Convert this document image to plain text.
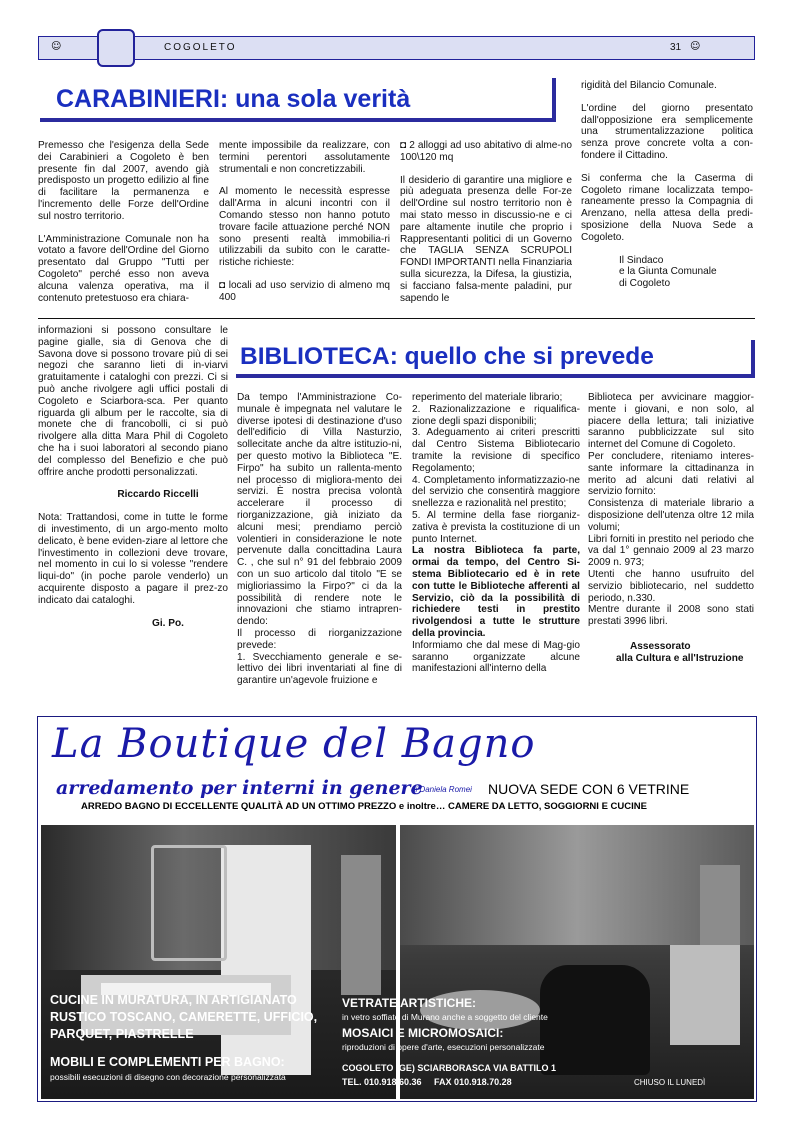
☺	COGOLETO	31 ☺
CARABINIERI: una sola verità

Premesso che l'esigenza della Sede dei Carabinieri a Cogoleto è ben presente fin dal 2007, avendo già predisposto un progetto edilizio al fine di facilitare la permanenza e l'incremento delle Forze dell'Ordine sul nostro territorio.

L'Amministrazione Comunale non ha votato a favore dell'Ordine del Giorno presentato dal Gruppo "Tutti per Cogoleto" perché esso non aveva alcuna valenza operativa, ma il contenuto pretestuoso era chiara-

mente impossibile da realizzare, con termini perentori assolutamente strumentali e non concretizzabili.

Al momento le necessità espresse dall'Arma in alcuni incontri con il Comando stesso non hanno potuto trovare facile attuazione perché NON sono presenti realtà immobilia-ri utilizzabili da subito con le caratte-ristiche richieste:

◘ locali ad uso servizio di almeno mq 400

◘ 2 alloggi ad uso abitativo di alme-no 100\120 mq

Il desiderio di garantire una migliore e più adeguata presenza delle For-ze dell'Ordine sul nostro territorio non è mai stato messo in discussio-ne e ci pare altamente inutile che proprio i Rappresentanti politici di un Governo che TAGLIA SENZA SCRUPOLI FONDI IMPORTANTI nella Finanziaria sulla sicurezza, la Difesa, la giustizia, si facciano falsa-mente paladini, pur sapendo le

rigidità del Bilancio Comunale.

L'ordine del giorno presentato dall'opposizione era semplicemente una strumentalizzazione politica senza prove concrete volta a con-fondere il Cittadino.

Si conferma che la Caserma di Cogoleto rimane localizzata tempo-raneamente presso la Compagnia di Arenzano, nella attesa della predi-sposizione della Nuova Sede a Cogoleto.

Il Sindaco
e la Giunta Comunale
di Cogoleto

informazioni si possono consultare le pagine gialle, sia di Genova che di Savona dove si possono trovare più di sei negozi che saranno lieti di in-viarvi gratuitamente i cataloghi con prezzi. Ci si può anche rivolgere agli uffici postali di Cogoleto e Sciarbora-sca. Per quanto riguarda gli album per le raccolte, sia di monete che di francobolli, ci si può rivolgere alla ditta Mara Phil di Cogoleto che ha i suoi laboratori al secondo piano del complesso del Benefizio e che può offrire anche prodotti personalizzati.

Riccardo Riccelli

Nota: Trattandosi, come in tutte le forme di investimento, di un argo-mento molto delicato, è bene eviden-ziare al lettore che l'investimento in collezioni deve trovare, nel momento in cui lo si volesse "rendere liqui-do" (in poche parole venderlo) un acquirente disposto a pagare il prez-zo indicato dai cataloghi.

Gi. Po.

BIBLIOTECA: quello che si prevede

Da tempo l'Amministrazione Co-munale è impegnata nel valutare le diverse ipotesi di destinazione d'uso dell'edificio di Villa Nasturzio, sollecitate anche da altre istituzio-ni, per questo motivo la Biblioteca "E. Firpo" ha subito un rallenta-mento nel processo di migliora-mento dei servizi. È nostra precisa volontà accelerare il processo di riorganizzazione, già iniziato da alcuni mesi; prendiamo perciò volentieri in considerazione le note pervenute dalla concittadina Laura C. , che sul n° 91 del febbraio 2009 con un suo articolo dal titolo "E se miglioriassimo la Firpo?" ci da la possibilità di rendere note le innovazioni che stiamo intrapren-dendo:

Il processo di riorganizzazione prevede:

1. Svecchiamento generale e se-lettivo dei libri inventariati al fine di garantire un'agevole fruizione e

reperimento del materiale librario;

2. Razionalizzazione e riqualifica-zione degli spazi disponibili;

3. Adeguamento ai criteri prescritti dal Centro Sistema Bibliotecario tramite la revisione di specifico Regolamento;

4. Completamento informatizzazio-ne del servizio che consentirà maggiore snellezza e razionalità nel prestito;

5. Al termine della fase riorganiz-zativa è prevista la costituzione di un punto Internet.

La nostra Biblioteca fa parte, ormai da tempo, del Centro Si-stema Bibliotecario ed è in rete con tutte le Biblioteche afferenti al Servizio, ciò da la possibilità di richiedere testi in prestito rivolgendosi a tutte le strutture della provincia.

Informiamo che dal mese di Mag-gio saranno organizzate alcune manifestazioni all'interno della

Biblioteca per avvicinare maggior-mente i giovani, e non solo, al piacere della lettura; tali iniziative saranno pubblicizzate sul sito internet del Comune di Cogoleto.

Per concludere, riteniamo interes-sante informare la cittadinanza in merito ad alcuni dati relativi al servizio fornito:

Consistenza di materiale librario a disposizione dell'utenza oltre 12 mila volumi;

Libri forniti in prestito nel periodo che va dal 1° gennaio 2009 al 23 marzo 2009 n. 973;

Utenti che hanno usufruito del servizio bibliotecario, nel suddetto periodo, n.330.

Mentre durante il 2008 sono stati prestati 3996 libri.

Assessorato
alla Cultura e all'Istruzione
La Boutique del Bagno
arredamento per interni in genere
di Daniela Romei NUOVA SEDE CON 6 VETRINE
ARREDO BAGNO DI ECCELLENTE QUALITÀ AD UN OTTIMO PREZZO e inoltre… CAMERE DA LETTO, SOGGIORNI E CUCINE
CUCINE IN MURATURA, IN ARTIGIANATO
RUSTICO TOSCANO, CAMERETTE, UFFICIO,
PARQUET, PIASTRELLE
MOBILI E COMPLEMENTI PER BAGNO:
possibili esecuzioni di disegno con decorazione personalizzata
VETRATE ARTISTICHE:
in vetro soffiato di Murano anche a soggetto del cliente
MOSAICI E MICROMOSAICI:
riproduzioni di opere d'arte, esecuzioni personalizzate
COGOLETO (GE) SCIARBORASCA VIA BATTILO 1
TEL. 010.918.60.36     FAX 010.918.70.28	CHIUSO IL LUNEDÌ
